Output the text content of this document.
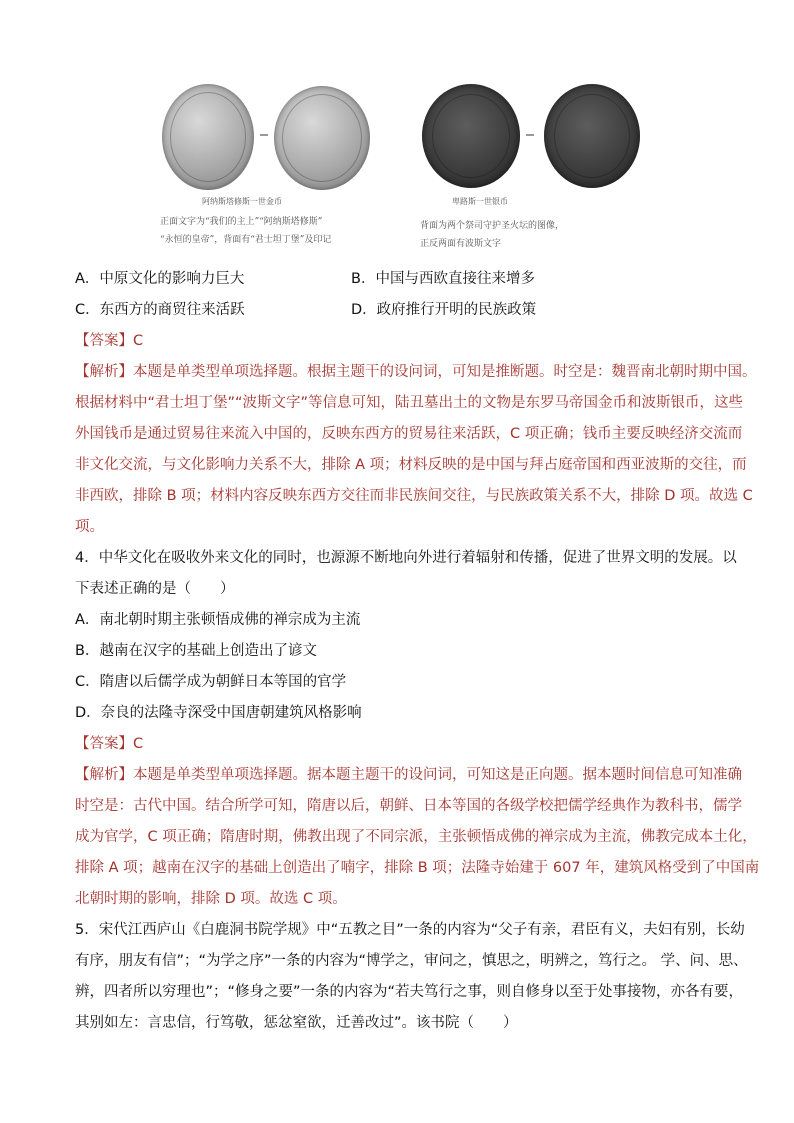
阿纳斯塔修斯一世金币
正面文字为“我们的主上”“阿纳斯塔修斯”
“永恒的皇帝”，背面有“君士坦丁堡”及印记
卑路斯一世银币
背面为两个祭司守护圣火坛的图像，
正反两面有波斯文字
A．中原文化的影响力巨大	B．中国与西欧直接往来增多
C．东西方的商贸往来活跃	D．政府推行开明的民族政策
【答案】C
【解析】本题是单类型单项选择题。根据主题干的设问词，可知是推断题。时空是：魏晋南北朝时期中国。
根据材料中“君士坦丁堡”“波斯文字”等信息可知，陆丑墓出土的文物是东罗马帝国金币和波斯银币，这些
外国钱币是通过贸易往来流入中国的，反映东西方的贸易往来活跃，C 项正确；钱币主要反映经济交流而
非文化交流，与文化影响力关系不大，排除 A 项；材料反映的是中国与拜占庭帝国和西亚波斯的交往，而
非西欧，排除 B 项；材料内容反映东西方交往而非民族间交往，与民族政策关系不大，排除 D 项。故选 C
项。
4．中华文化在吸收外来文化的同时，也源源不断地向外进行着辐射和传播，促进了世界文明的发展。以
下表述正确的是（　　）
A．南北朝时期主张顿悟成佛的禅宗成为主流
B．越南在汉字的基础上创造出了谚文
C．隋唐以后儒学成为朝鲜日本等国的官学
D．奈良的法隆寺深受中国唐朝建筑风格影响
【答案】C
【解析】本题是单类型单项选择题。据本题主题干的设问词，可知这是正向题。据本题时间信息可知准确
时空是：古代中国。结合所学可知，隋唐以后，朝鲜、日本等国的各级学校把儒学经典作为教科书，儒学
成为官学，C 项正确；隋唐时期，佛教出现了不同宗派，主张顿悟成佛的禅宗成为主流，佛教完成本土化，
排除 A 项；越南在汉字的基础上创造出了喃字，排除 B 项；法隆寺始建于 607 年，建筑风格受到了中国南
北朝时期的影响，排除 D 项。故选 C 项。
5．宋代江西庐山《白鹿洞书院学规》中“五教之目”一条的内容为“父子有亲，君臣有义，夫妇有别，长幼
有序，朋友有信”；“为学之序”一条的内容为“博学之，审问之，慎思之，明辨之，笃行之。 学、问、思、
辨，四者所以穷理也”；“修身之要”一条的内容为“若夫笃行之事，则自修身以至于处事接物，亦各有要，
其别如左：言忠信，行笃敬，惩忿窒欲，迁善改过”。该书院（　　）
